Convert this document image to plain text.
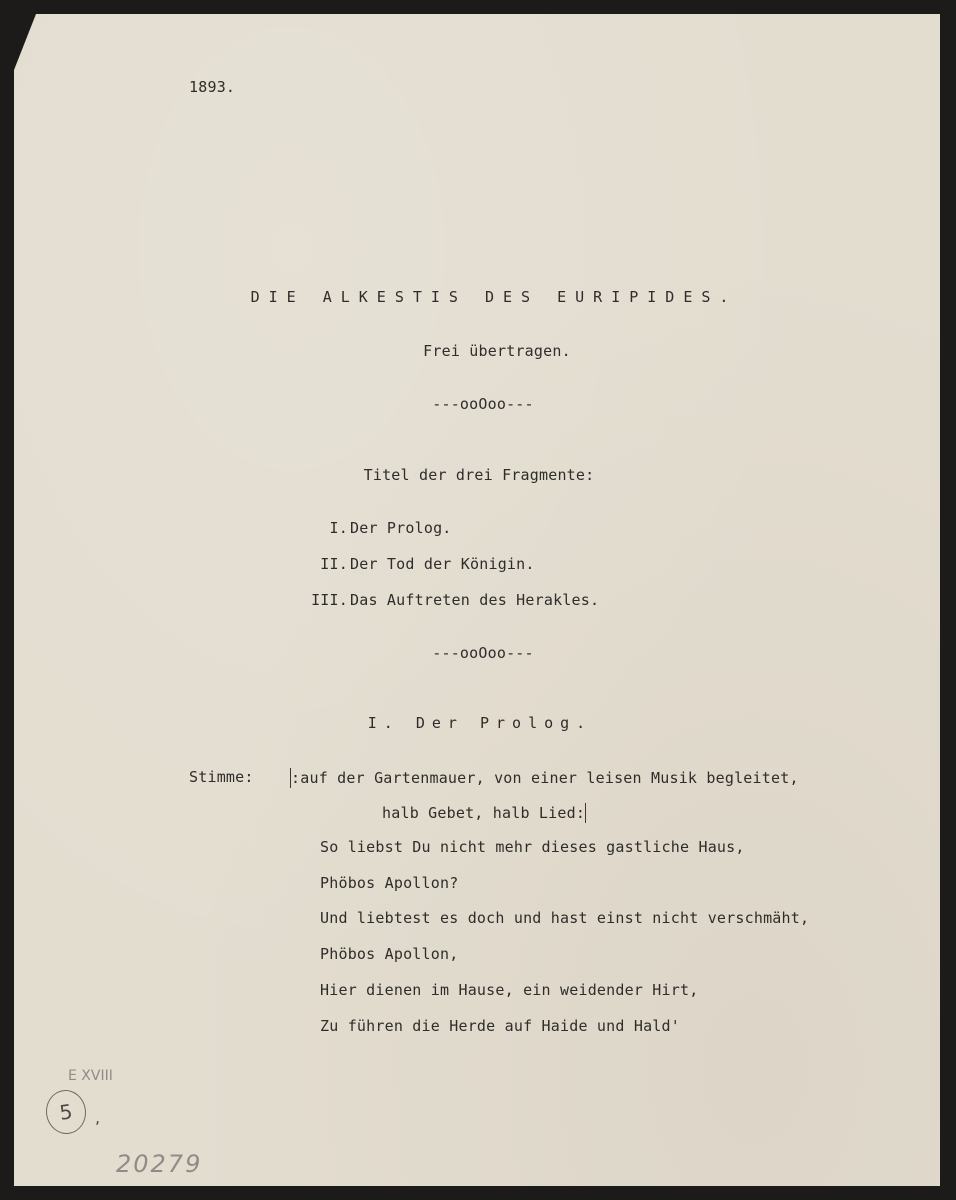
1893.
DIE ALKESTIS DES EURIPIDES.
Frei übertragen.
---ooOoo---
Titel der drei Fragmente:
I. Der Prolog.
II. Der Tod der Königin.
III. Das Auftreten des Herakles.
---ooOoo---
I. Der Prolog.
Stimme: :auf der Gartenmauer, von einer leisen Musik begleitet,
halb Gebet, halb Lied:
So liebst Du nicht mehr dieses gastliche Haus,
Phöbos Apollon?
Und liebtest es doch und hast einst nicht verschmäht,
Phöbos Apollon,
Hier dienen im Hause, ein weidender Hirt,
Zu führen die Herde auf Haide und Hald'
E XVIII
5	,
20279
